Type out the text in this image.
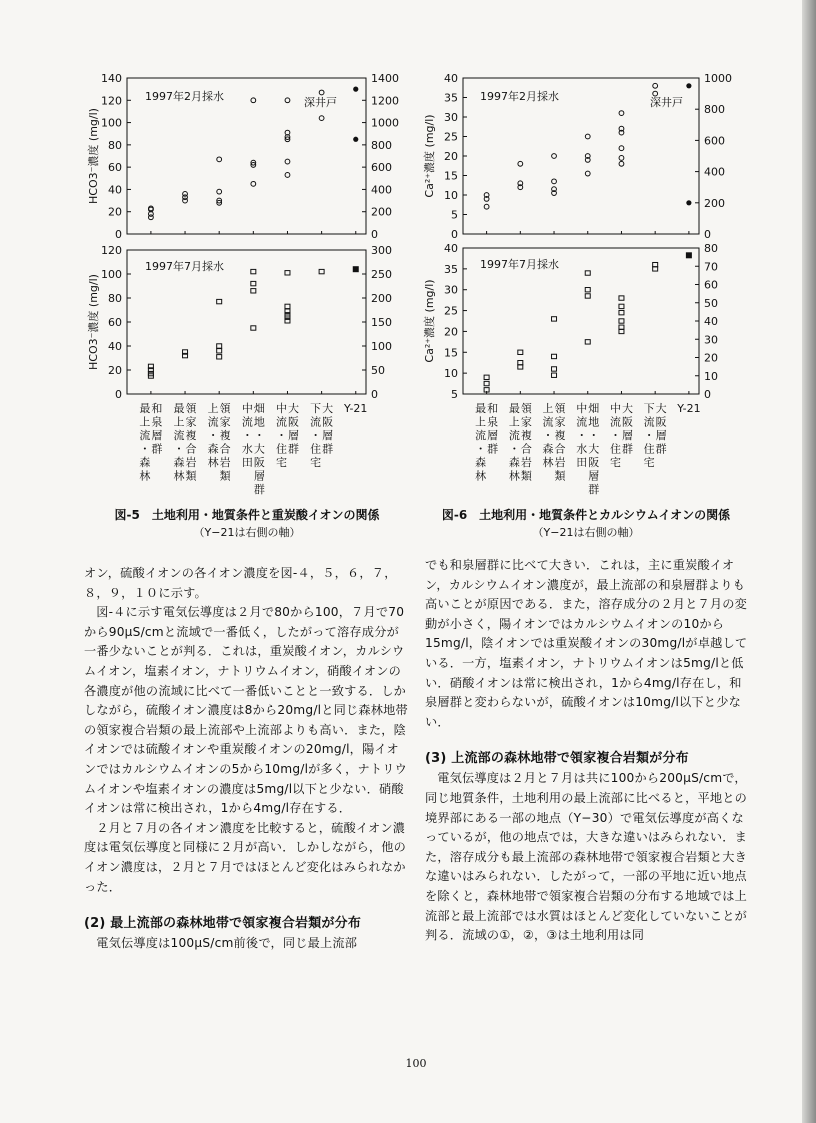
0
20
40
60
80
100
120
140
0
200
400
600
800
1000
1200
1400
HCO3⁻濃度 (mg/l)
1997年2月採水	深井戸
0
5
10
15
20
25
30
35
40
0
200
400
600
800
1000
Ca²⁺濃度 (mg/l)
1997年2月採水	深井戸
0
20
40
60
80
100
120
0
50
100
150
200
250
300
HCO3⁻濃度 (mg/l)
1997年7月採水
5
10
15
20
25
30
35
40
0
10
20
30
40
50
60
70
80
Ca²⁺濃度 (mg/l)
1997年7月採水
最
上
流
・
森
林
和
泉
層
群
最
上
流
・
森
林
領
家
複
合
岩
類
上
流
・
森
林
領
家
複
合
岩
類
中
流
・
水
田
畑
地
・
大
阪
層
群
中
流
・
住
宅
大
阪
層
群
下
流
・
住
宅
大
阪
層
群
Y-21	最
上
流
・
森
林
和
泉
層
群
最
上
流
・
森
林
領
家
複
合
岩
類
上
流
・
森
林
領
家
複
合
岩
類
中
流
・
水
田
畑
地
・
大
阪
層
群
中
流
・
住
宅
大
阪
層
群
下
流
・
住
宅
大
阪
層
群
Y-21
図-5　土地利用・地質条件と重炭酸イオンの関係
（Y−21は右側の軸）
図-6　土地利用・地質条件とカルシウムイオンの関係
（Y−21は右側の軸）

オン，硫酸イオンの各イオン濃度を図-４，５，６，７，８，９，１０に示す。

図-４に示す電気伝導度は２月で80から100，７月で70から90μS/cmと流域で一番低く，したがって溶存成分が一番少ないことが判る．これは，重炭酸イオン，カルシウムイオン，塩素イオン，ナトリウムイオン，硝酸イオンの各濃度が他の流域に比べて一番低いことと一致する．しかしながら，硫酸イオン濃度は8から20mg/lと同じ森林地帯の領家複合岩類の最上流部や上流部よりも高い．また，陰イオンでは硫酸イオンや重炭酸イオンの20mg/l，陽イオンではカルシウムイオンの5から10mg/lが多く，ナトリウムイオンや塩素イオンの濃度は5mg/l以下と少ない．硝酸イオンは常に検出され，1から4mg/l存在する．

２月と７月の各イオン濃度を比較すると，硫酸イオン濃度は電気伝導度と同様に２月が高い．しかしながら，他のイオン濃度は，２月と７月ではほとんど変化はみられなかった．

(2) 最上流部の森林地帯で領家複合岩類が分布

電気伝導度は100μS/cm前後で，同じ最上流部

でも和泉層群に比べて大きい．これは，主に重炭酸イオン，カルシウムイオン濃度が，最上流部の和泉層群よりも高いことが原因である．また，溶存成分の２月と７月の変動が小さく，陽イオンではカルシウムイオンの10から15mg/l，陰イオンでは重炭酸イオンの30mg/lが卓越している．一方，塩素イオン，ナトリウムイオンは5mg/lと低い．硝酸イオンは常に検出され，1から4mg/l存在し，和泉層群と変わらないが，硫酸イオンは10mg/l以下と少ない．

(3) 上流部の森林地帯で領家複合岩類が分布

電気伝導度は２月と７月は共に100から200μS/cmで，同じ地質条件，土地利用の最上流部に比べると，平地との境界部にある一部の地点（Y−30）で電気伝導度が高くなっているが，他の地点では，大きな違いはみられない．また，溶存成分も最上流部の森林地帯で領家複合岩類と大きな違いはみられない．したがって，一部の平地に近い地点を除くと，森林地帯で領家複合岩類の分布する地域では上流部と最上流部では水質はほとんど変化していないことが判る．流域の①，②，③は土地利用は同

100
